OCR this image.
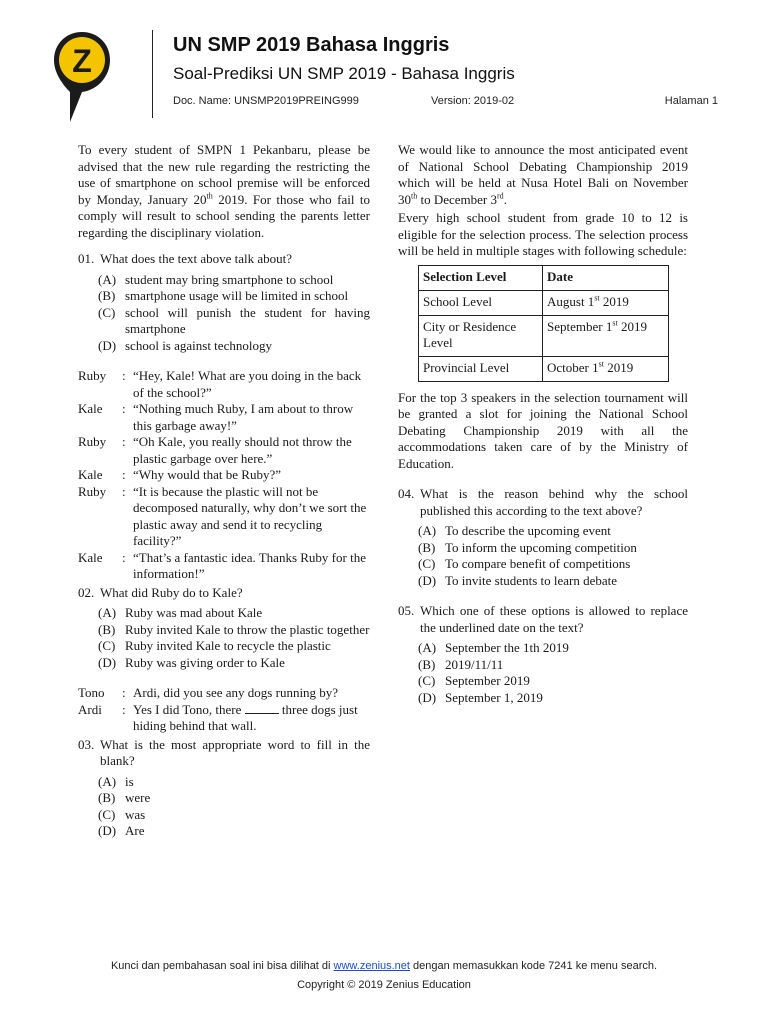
Z	UN SMP 2019 Bahasa Inggris
Soal-Prediksi UN SMP 2019 - Bahasa Inggris
Doc. Name: UNSMP2019PREING999	Version: 2019-02	Halaman 1

To every student of SMPN 1 Pekanbaru, please be advised that the new rule regarding the restricting the use of smartphone on school premise will be enforced by Monday, January 20th 2019. For those who fail to comply will result to school sending the parents letter regarding the disciplinary violation.

01. What does the text above talk about?
(A) student may bring smartphone to school
(B) smartphone usage will be limited in school
(C) school will punish the student for having smartphone
(D) school is against technology
Ruby	: “Hey, Kale! What are you doing in the back of the school?”
Kale	: “Nothing much Ruby, I am about to throw this garbage away!”
Ruby	: “Oh Kale, you really should not throw the plastic garbage over here.”
Kale	: “Why would that be Ruby?”
Ruby	: “It is because the plastic will not be decomposed naturally, why don’t we sort the plastic away and send it to recycling facility?”
Kale	: “That’s a fantastic idea. Thanks Ruby for the information!”
02. What did Ruby do to Kale?
(A) Ruby was mad about Kale
(B) Ruby invited Kale to throw the plastic together
(C) Ruby invited Kale to recycle the plastic
(D) Ruby was giving order to Kale
Tono	: Ardi, did you see any dogs running by?
Ardi	: Yes I did Tono, there	three dogs just hiding behind that wall.
03. What is the most appropriate word to fill in the blank?
(A) is
(B) were
(C) was
(D) Are

We would like to announce the most anticipated event of National School Debating Championship 2019 which will be held at Nusa Hotel Bali on November 30th to December 3rd.

Every high school student from grade 10 to 12 is eligible for the selection process. The selection process will be held in multiple stages with following schedule:

Selection Level	Date
School Level	August 1st 2019
City or Residence Level	September 1st 2019
Provincial Level	October 1st 2019

For the top 3 speakers in the selection tournament will be granted a slot for joining the National School Debating Championship 2019 with all the accommodations taken care of by the Ministry of Education.

04. What is the reason behind why the school published this according to the text above?
(A) To describe the upcoming event
(B) To inform the upcoming competition
(C) To compare benefit of competitions
(D) To invite students to learn debate
05. Which one of these options is allowed to replace the underlined date on the text?
(A) September the 1th 2019
(B) 2019/11/11
(C) September 2019
(D) September 1, 2019
Kunci dan pembahasan soal ini bisa dilihat di www.zenius.net dengan memasukkan kode 7241 ke menu search.
Copyright © 2019 Zenius Education
